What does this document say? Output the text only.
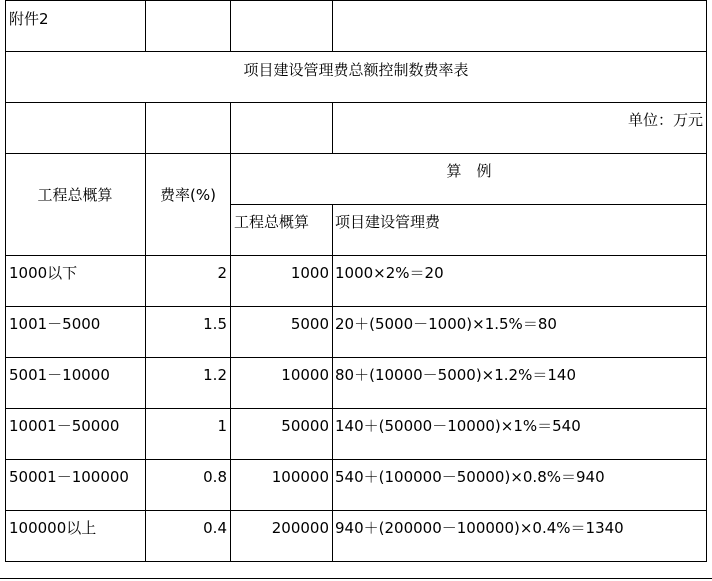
附件2
项目建设管理费总额控制数费率表
单位：万元
工程总概算	费率(%)
算　例
工程总概算 项目建设管理费
1000以下	2	1000 1000×2%＝20
1001－5000	1.5	5000 20＋(5000－1000)×1.5%＝80
5001－10000	1.2	10000 80＋(10000－5000)×1.2%＝140
10001－50000	1	50000 140＋(50000－10000)×1%＝540
50001－100000	0.8	100000 540＋(100000－50000)×0.8%＝940
100000以上	0.4	200000 940＋(200000－100000)×0.4%＝1340
